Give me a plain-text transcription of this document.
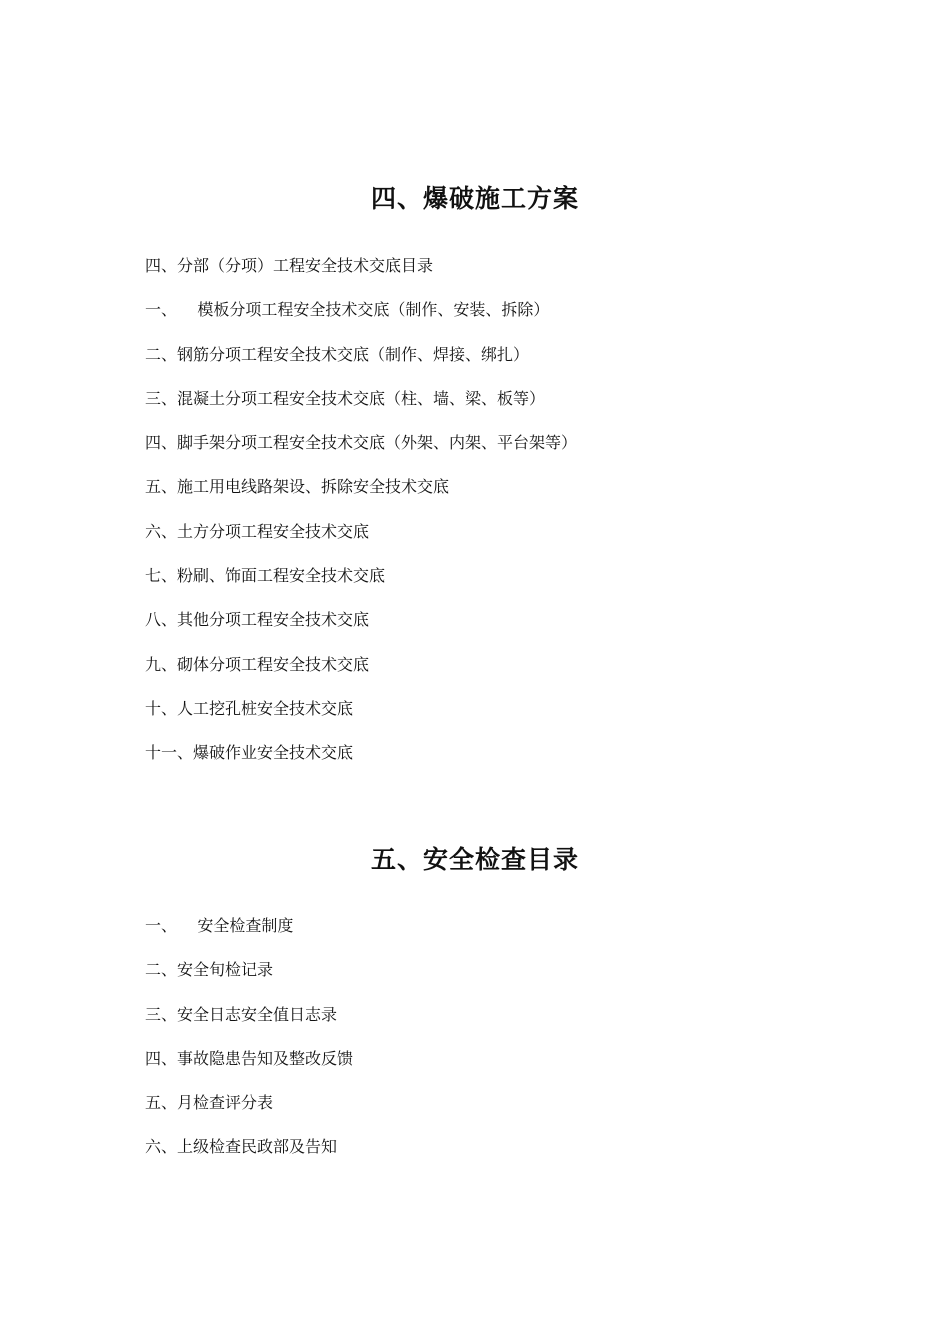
四、爆破施工方案
四、分部（分项）工程安全技术交底目录
一、    模板分项工程安全技术交底（制作、安装、拆除）
二、钢筋分项工程安全技术交底（制作、焊接、绑扎）
三、混凝土分项工程安全技术交底（柱、墙、梁、板等）
四、脚手架分项工程安全技术交底（外架、内架、平台架等）
五、施工用电线路架设、拆除安全技术交底
六、土方分项工程安全技术交底
七、粉刷、饰面工程安全技术交底
八、其他分项工程安全技术交底
九、砌体分项工程安全技术交底
十、人工挖孔桩安全技术交底
十一、爆破作业安全技术交底
五、安全检查目录
一、    安全检查制度
二、安全旬检记录
三、安全日志安全值日志录
四、事故隐患告知及整改反馈
五、月检查评分表
六、上级检查民政部及告知
